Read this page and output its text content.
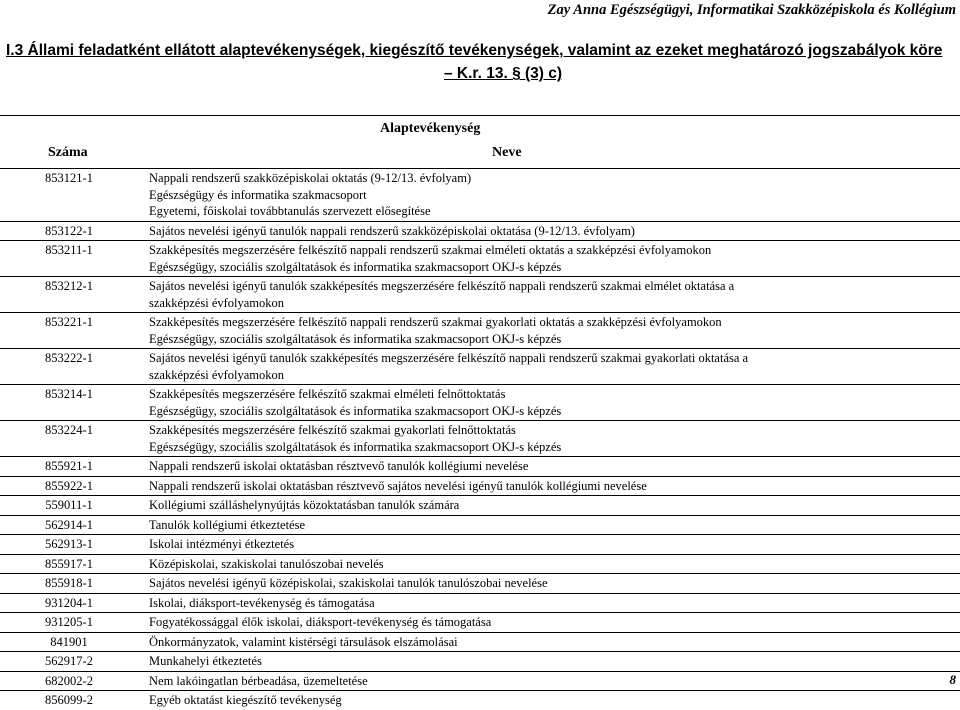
Zay Anna Egészségügyi, Informatikai Szakközépiskola és Kollégium
I.3 Állami feladatként ellátott alaptevékenységek, kiegészítő tevékenységek, valamint az ezeket meghatározó jogszabályok köre
– K.r. 13. § (3) c)
Alaptevékenység
Száma	Neve
853121-1	Nappali rendszerű szakközépiskolai oktatás (9-12/13. évfolyam)
Egészségügy és informatika szakmacsoport
Egyetemi, főiskolai továbbtanulás szervezett elősegítése
853122-1	Sajátos nevelési igényű tanulók nappali rendszerű szakközépiskolai oktatása (9-12/13. évfolyam)
853211-1	Szakképesítés megszerzésére felkészítő nappali rendszerű szakmai elméleti oktatás a szakképzési évfolyamokon
Egészségügy, szociális szolgáltatások és informatika szakmacsoport OKJ-s képzés
853212-1	Sajátos nevelési igényű tanulók szakképesítés megszerzésére felkészítő nappali rendszerű szakmai elmélet oktatása a
szakképzési évfolyamokon
853221-1	Szakképesítés megszerzésére felkészítő nappali rendszerű szakmai gyakorlati oktatás a szakképzési évfolyamokon
Egészségügy, szociális szolgáltatások és informatika szakmacsoport OKJ-s képzés
853222-1	Sajátos nevelési igényű tanulók szakképesítés megszerzésére felkészítő nappali rendszerű szakmai gyakorlati oktatása a
szakképzési évfolyamokon
853214-1	Szakképesítés megszerzésére felkészítő szakmai elméleti felnőttoktatás
Egészségügy, szociális szolgáltatások és informatika szakmacsoport OKJ-s képzés
853224-1	Szakképesítés megszerzésére felkészítő szakmai gyakorlati felnőttoktatás
Egészségügy, szociális szolgáltatások és informatika szakmacsoport OKJ-s képzés
855921-1	Nappali rendszerű iskolai oktatásban résztvevő tanulók kollégiumi nevelése
855922-1	Nappali rendszerű iskolai oktatásban résztvevő sajátos nevelési igényű tanulók kollégiumi nevelése
559011-1	Kollégiumi szálláshelynyújtás közoktatásban tanulók számára
562914-1	Tanulók kollégiumi étkeztetése
562913-1	Iskolai intézményi étkeztetés
855917-1	Középiskolai, szakiskolai tanulószobai nevelés
855918-1	Sajátos nevelési igényű középiskolai, szakiskolai tanulók tanulószobai nevelése
931204-1	Iskolai, diáksport-tevékenység és támogatása
931205-1	Fogyatékossággal élők iskolai, diáksport-tevékenység és támogatása
841901	Önkormányzatok, valamint kistérségi társulások elszámolásai
562917-2	Munkahelyi étkeztetés
682002-2	Nem lakóingatlan bérbeadása, üzemeltetése
856099-2	Egyéb oktatást kiegészítő tevékenység
8
